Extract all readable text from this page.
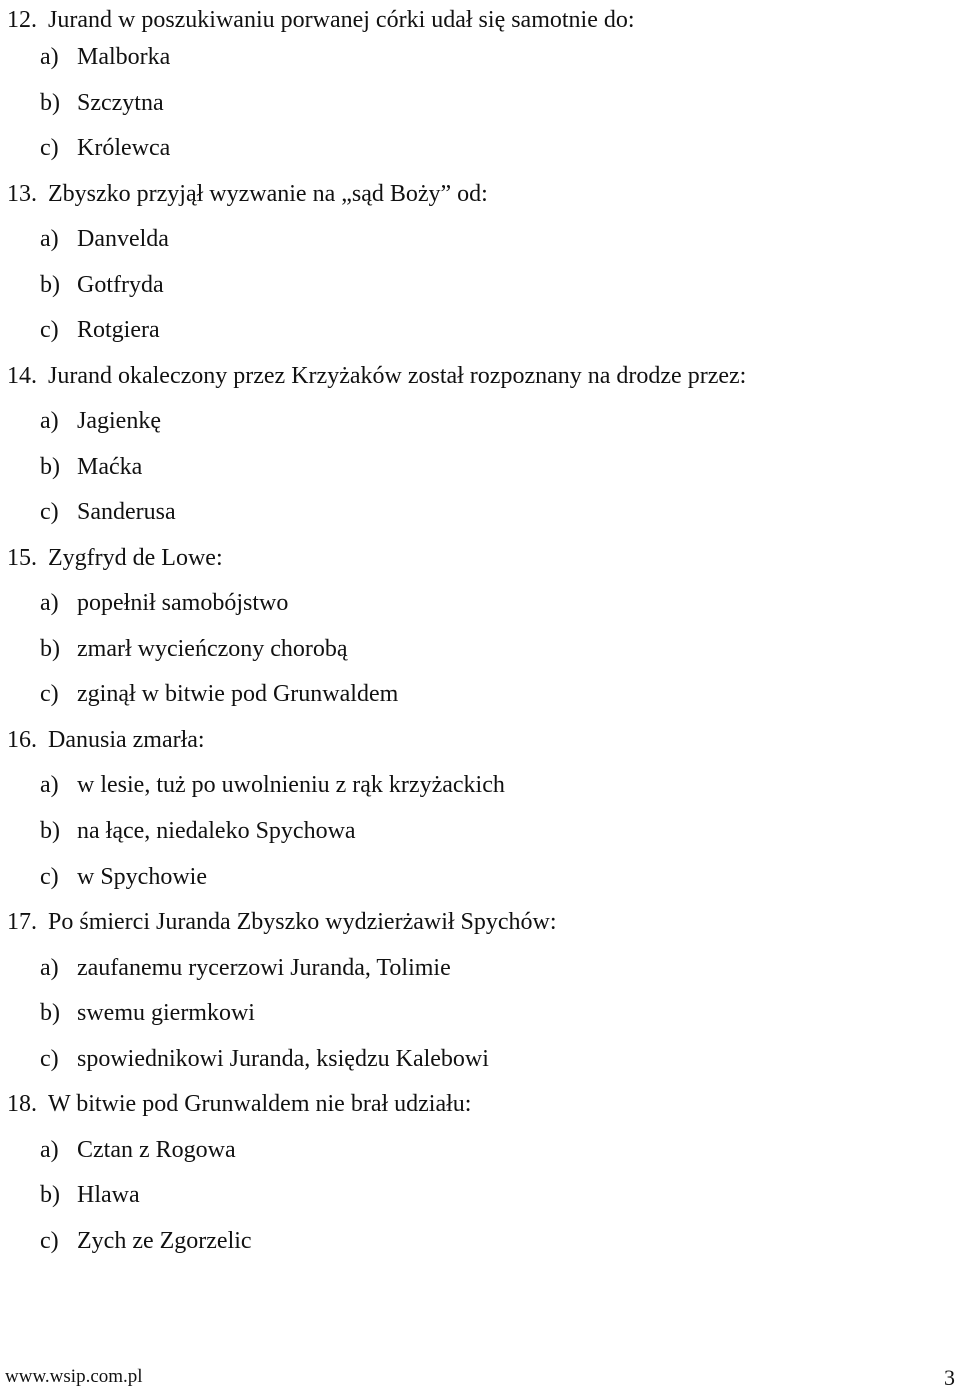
12. Jurand w poszukiwaniu porwanej córki udał się samotnie do:
a) Malborka
b) Szczytna
c) Królewca
13. Zbyszko przyjął wyzwanie na „sąd Boży” od:
a) Danvelda
b) Gotfryda
c) Rotgiera
14. Jurand okaleczony przez Krzyżaków został rozpoznany na drodze przez:
a) Jagienkę
b) Maćka
c) Sanderusa
15. Zygfryd de Lowe:
a) popełnił samobójstwo
b) zmarł wycieńczony chorobą
c) zginął w bitwie pod Grunwaldem
16. Danusia zmarła:
a) w lesie, tuż po uwolnieniu z rąk krzyżackich
b) na łące, niedaleko Spychowa
c) w Spychowie
17. Po śmierci Juranda Zbyszko wydzierżawił Spychów:
a) zaufanemu rycerzowi Juranda, Tolimie
b) swemu giermkowi
c) spowiednikowi Juranda, księdzu Kalebowi
18. W bitwie pod Grunwaldem nie brał udziału:
a) Cztan z Rogowa
b) Hlawa
c) Zych ze Zgorzelic
www.wsip.com.pl	3
